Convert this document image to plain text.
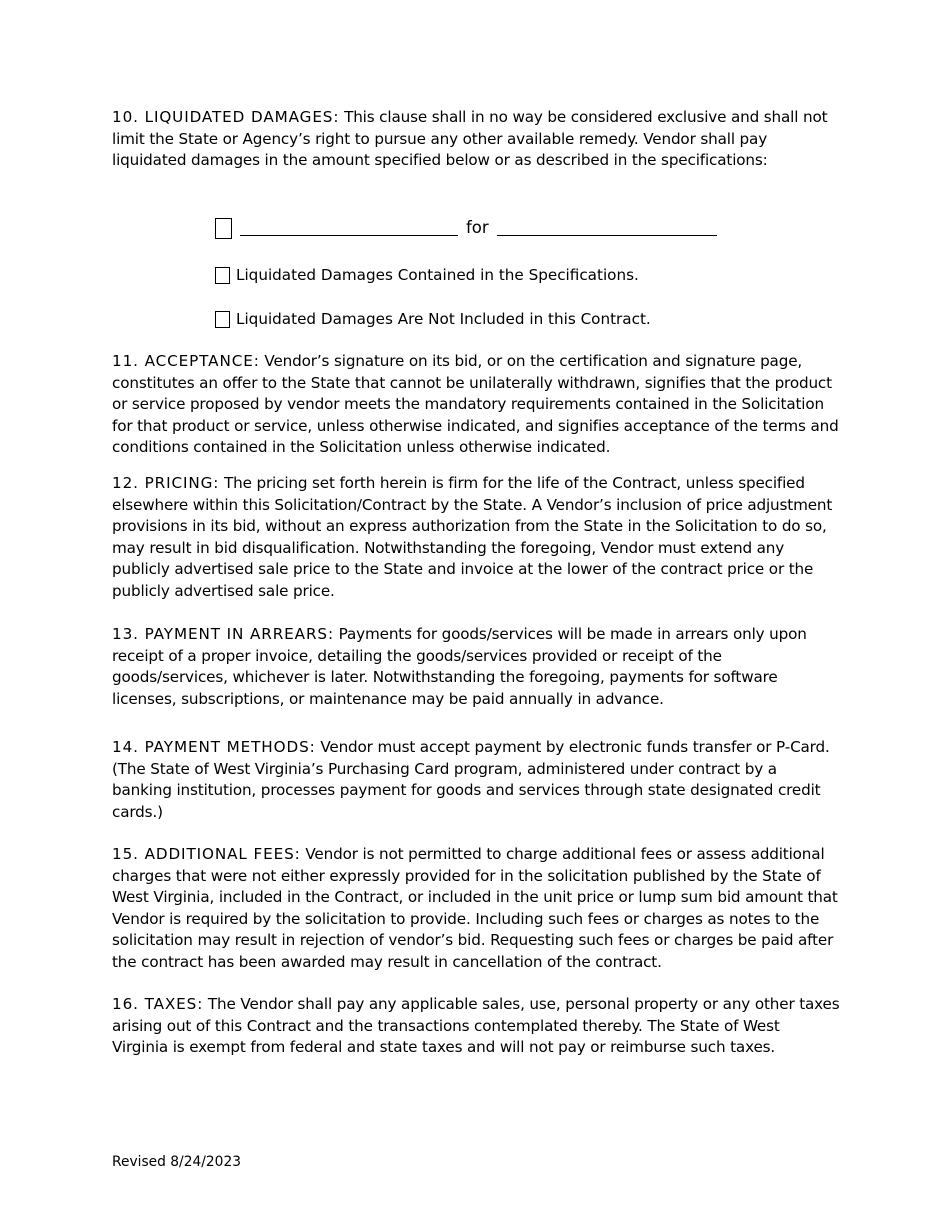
10. LIQUIDATED DAMAGES: This clause shall in no way be considered exclusive and shall not limit the State or Agency’s right to pursue any other available remedy. Vendor shall pay liquidated damages in the amount specified below or as described in the specifications:

for
Liquidated Damages Contained in the Specifications.
Liquidated Damages Are Not Included in this Contract.

11. ACCEPTANCE: Vendor’s signature on its bid, or on the certification and signature page, constitutes an offer to the State that cannot be unilaterally withdrawn, signifies that the product or service proposed by vendor meets the mandatory requirements contained in the Solicitation for that product or service, unless otherwise indicated, and signifies acceptance of the terms and conditions contained in the Solicitation unless otherwise indicated.

12. PRICING: The pricing set forth herein is firm for the life of the Contract, unless specified elsewhere within this Solicitation/Contract by the State. A Vendor’s inclusion of price adjustment provisions in its bid, without an express authorization from the State in the Solicitation to do so, may result in bid disqualification. Notwithstanding the foregoing, Vendor must extend any publicly advertised sale price to the State and invoice at the lower of the contract price or the publicly advertised sale price.

13. PAYMENT IN ARREARS: Payments for goods/services will be made in arrears only upon receipt of a proper invoice, detailing the goods/services provided or receipt of the goods/services, whichever is later. Notwithstanding the foregoing, payments for software licenses, subscriptions, or maintenance may be paid annually in advance.

14. PAYMENT METHODS: Vendor must accept payment by electronic funds transfer or P-Card. (The State of West Virginia’s Purchasing Card program, administered under contract by a banking institution, processes payment for goods and services through state designated credit cards.)

15. ADDITIONAL FEES: Vendor is not permitted to charge additional fees or assess additional charges that were not either expressly provided for in the solicitation published by the State of West Virginia, included in the Contract, or included in the unit price or lump sum bid amount that Vendor is required by the solicitation to provide. Including such fees or charges as notes to the solicitation may result in rejection of vendor’s bid. Requesting such fees or charges be paid after the contract has been awarded may result in cancellation of the contract.

16. TAXES: The Vendor shall pay any applicable sales, use, personal property or any other taxes arising out of this Contract and the transactions contemplated thereby. The State of West Virginia is exempt from federal and state taxes and will not pay or reimburse such taxes.

Revised 8/24/2023
